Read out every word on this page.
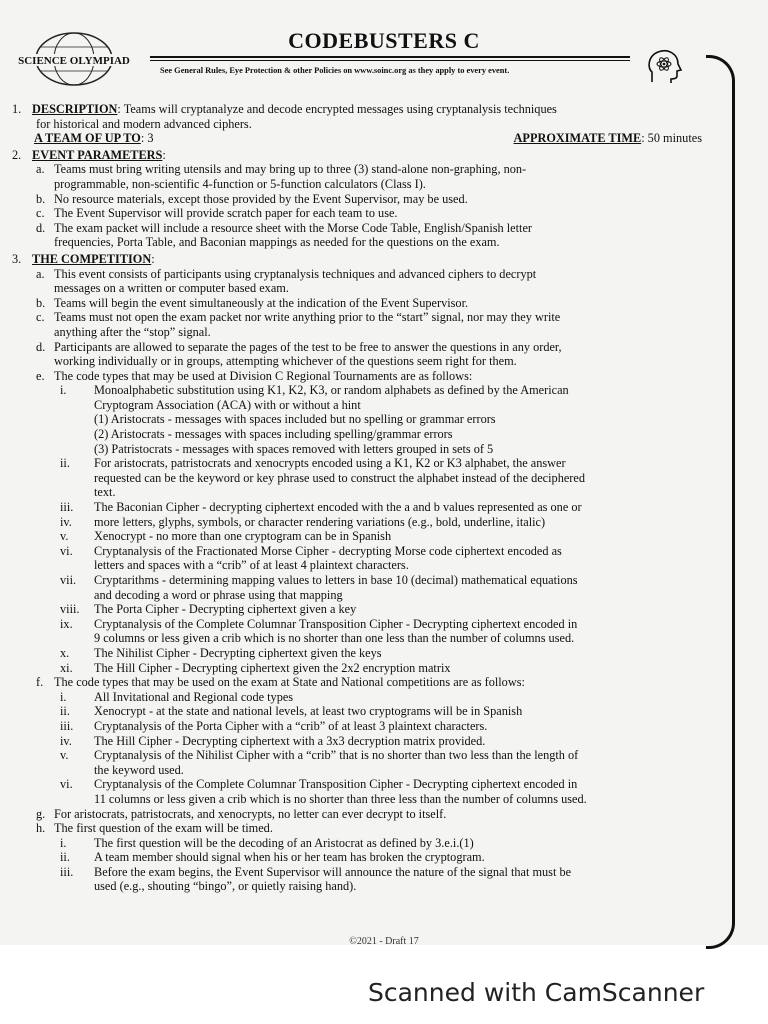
SCIENCE OLYMPIAD
CODEBUSTERS C
See General Rules, Eye Protection & other Policies on www.soinc.org as they apply to every event.
1. DESCRIPTION: Teams will cryptanalyze and decode encrypted messages using cryptanalysis techniques
for historical and modern advanced ciphers.
A TEAM OF UP TO: 3	APPROXIMATE TIME: 50 minutes
2. EVENT PARAMETERS:
a. Teams must bring writing utensils and may bring up to three (3) stand-alone non-graphing, non-
programmable, non-scientific 4-function or 5-function calculators (Class I).
b. No resource materials, except those provided by the Event Supervisor, may be used.
c. The Event Supervisor will provide scratch paper for each team to use.
d. The exam packet will include a resource sheet with the Morse Code Table, English/Spanish letter
frequencies, Porta Table, and Baconian mappings as needed for the questions on the exam.
3. THE COMPETITION:
a. This event consists of participants using cryptanalysis techniques and advanced ciphers to decrypt
messages on a written or computer based exam.
b. Teams will begin the event simultaneously at the indication of the Event Supervisor.
c. Teams must not open the exam packet nor write anything prior to the “start” signal, nor may they write
anything after the “stop” signal.
d. Participants are allowed to separate the pages of the test to be free to answer the questions in any order,
working individually or in groups, attempting whichever of the questions seem right for them.
e. The code types that may be used at Division C Regional Tournaments are as follows:
i.	Monoalphabetic substitution using K1, K2, K3, or random alphabets as defined by the American
Cryptogram Association (ACA) with or without a hint
(1) Aristocrats - messages with spaces included but no spelling or grammar errors
(2) Aristocrats - messages with spaces including spelling/grammar errors
(3) Patristocrats - messages with spaces removed with letters grouped in sets of 5
ii.	For aristocrats, patristocrats and xenocrypts encoded using a K1, K2 or K3 alphabet, the answer
requested can be the keyword or key phrase used to construct the alphabet instead of the deciphered
text.
iii.	The Baconian Cipher - decrypting ciphertext encoded with the a and b values represented as one or
iv.	more letters, glyphs, symbols, or character rendering variations (e.g., bold, underline, italic)
v.	Xenocrypt - no more than one cryptogram can be in Spanish
vi.	Cryptanalysis of the Fractionated Morse Cipher - decrypting Morse code ciphertext encoded as
letters and spaces with a “crib” of at least 4 plaintext characters.
vii.	Cryptarithms - determining mapping values to letters in base 10 (decimal) mathematical equations
and decoding a word or phrase using that mapping
viii.	The Porta Cipher - Decrypting ciphertext given a key
ix.	Cryptanalysis of the Complete Columnar Transposition Cipher - Decrypting ciphertext encoded in
9 columns or less given a crib which is no shorter than one less than the number of columns used.
x.	The Nihilist Cipher - Decrypting ciphertext given the keys
xi.	The Hill Cipher - Decrypting ciphertext given the 2x2 encryption matrix
f. The code types that may be used on the exam at State and National competitions are as follows:
i.	All Invitational and Regional code types
ii.	Xenocrypt - at the state and national levels, at least two cryptograms will be in Spanish
iii.	Cryptanalysis of the Porta Cipher with a “crib” of at least 3 plaintext characters.
iv.	The Hill Cipher - Decrypting ciphertext with a 3x3 decryption matrix provided.
v.	Cryptanalysis of the Nihilist Cipher with a “crib” that is no shorter than two less than the length of
the keyword used.
vi.	Cryptanalysis of the Complete Columnar Transposition Cipher - Decrypting ciphertext encoded in
11 columns or less given a crib which is no shorter than three less than the number of columns used.
g. For aristocrats, patristocrats, and xenocrypts, no letter can ever decrypt to itself.
h. The first question of the exam will be timed.
i.	The first question will be the decoding of an Aristocrat as defined by 3.e.i.(1)
ii.	A team member should signal when his or her team has broken the cryptogram.
iii.	Before the exam begins, the Event Supervisor will announce the nature of the signal that must be
used (e.g., shouting “bingo”, or quietly raising hand).
©2021 - Draft 17
Scanned with CamScanner
